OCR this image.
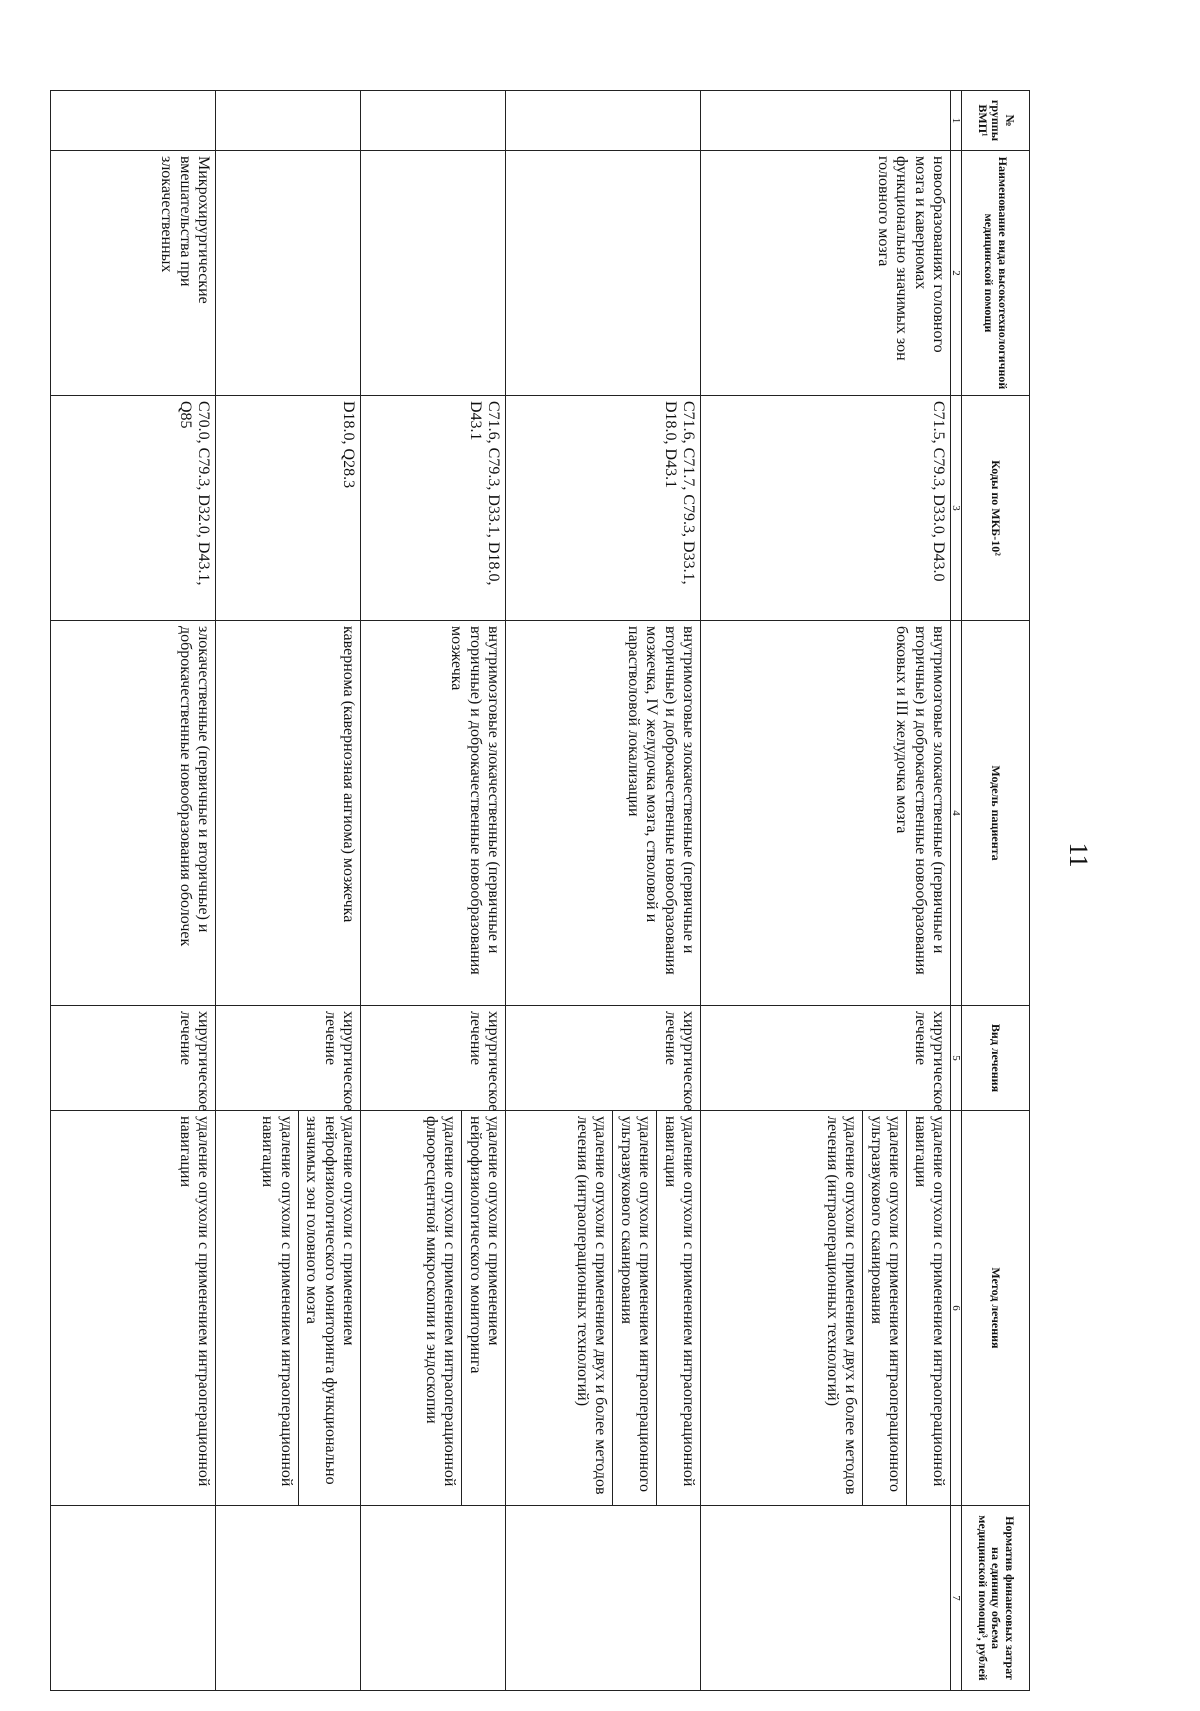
11
№ группы ВМП¹	Наименование вида высокотехнологичной медицинской помощи	Коды по МКБ-10²	Модель пациента	Вид лечения	Метод лечения	Норматив финансовых затрат на единицу объема медицинской помощи³, рублей
1	2	3	4	5	6	7
	новообразованиях головного мозга и каверномах функционально значимых зон головного мозга	C71.5, C79.3, D33.0, D43.0	внутримозговые злокачественные (первичные и вторичные) и доброкачественные новообразования боковых и III желудочка мозга	хирургическое лечение	удаление опухоли с применением интраоперационной навигации
удаление опухоли с применением интраоперационного ультразвукового сканирования
удаление опухоли с применением двух и более методов лечения (интраоперационных технологий)	

		C71.6, C71.7, C79.3, D33.1, D18.0, D43.1	внутримозговые злокачественные (первичные и вторичные) и доброкачественные новообразования мозжечка, IV желудочка мозга, стволовой и парастволовой локализации	хирургическое лечение	удаление опухоли с применением интраоперационной навигации
удаление опухоли с применением интраоперационного ультразвукового сканирования
удаление опухоли с применением двух и более методов лечения (интраоперационных технологий)	

		C71.6, C79.3, D33.1, D18.0, D43.1	внутримозговые злокачественные (первичные и вторичные) и доброкачественные новообразования мозжечка	хирургическое лечение	удаление опухоли с применением нейрофизиологического мониторинга
удаление опухоли с применением интраоперационной флюоресцентной микроскопии и эндоскопии	

		D18.0, Q28.3	кавернома (кавернозная ангиома) мозжечка	хирургическое лечение	удаление опухоли с применением нейрофизиологического мониторинга функционально значимых зон головного мозга
удаление опухоли с применением интраоперационной навигации	

	Микрохирургические вмешательства при злокачественных	C70.0, C79.3, D32.0, D43.1, Q85	злокачественные (первичные и вторичные) и доброкачественные новообразования оболочек	хирургическое лечение	удаление опухоли с применением интраоперационной навигации	
